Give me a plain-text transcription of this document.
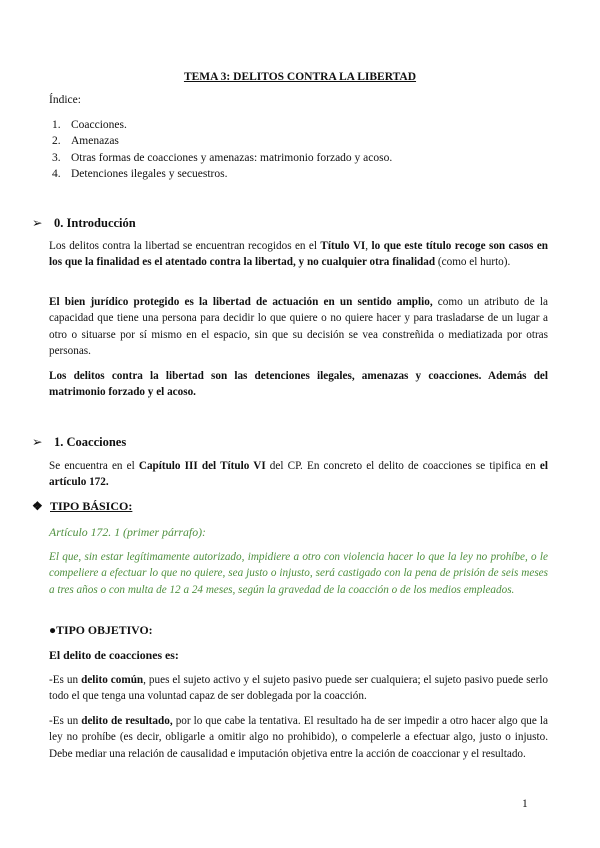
TEMA 3: DELITOS CONTRA LA LIBERTAD
Índice:
1. Coacciones.
2. Amenazas
3. Otras formas de coacciones y amenazas: matrimonio forzado y acoso.
4. Detenciones ilegales y secuestros.
➢ 0. Introducción
Los delitos contra la libertad se encuentran recogidos en el Título VI, lo que este título recoge son casos en los que la finalidad es el atentado contra la libertad, y no cualquier otra finalidad (como el hurto).
El bien jurídico protegido es la libertad de actuación en un sentido amplio, como un atributo de la capacidad que tiene una persona para decidir lo que quiere o no quiere hacer y para trasladarse de un lugar a otro o situarse por sí mismo en el espacio, sin que su decisión se vea constreñida o mediatizada por otras personas.
Los delitos contra la libertad son las detenciones ilegales, amenazas y coacciones. Además del matrimonio forzado y el acoso.
➢ 1. Coacciones
Se encuentra en el Capítulo III del Título VI del CP. En concreto el delito de coacciones se tipifica en el artículo 172.
❖ TIPO BÁSICO:
Artículo 172. 1 (primer párrafo):
El que, sin estar legítimamente autorizado, impidiere a otro con violencia hacer lo que la ley no prohíbe, o le compeliere a efectuar lo que no quiere, sea justo o injusto, será castigado con la pena de prisión de seis meses a tres años o con multa de 12 a 24 meses, según la gravedad de la coacción o de los medios empleados.
●TIPO OBJETIVO:
El delito de coacciones es:
-Es un delito común, pues el sujeto activo y el sujeto pasivo puede ser cualquiera; el sujeto pasivo puede serlo todo el que tenga una voluntad capaz de ser doblegada por la coacción.
-Es un delito de resultado, por lo que cabe la tentativa. El resultado ha de ser impedir a otro hacer algo que la ley no prohíbe (es decir, obligarle a omitir algo no prohibido), o compelerle a efectuar algo, justo o injusto. Debe mediar una relación de causalidad e imputación objetiva entre la acción de coaccionar y el resultado.
1
